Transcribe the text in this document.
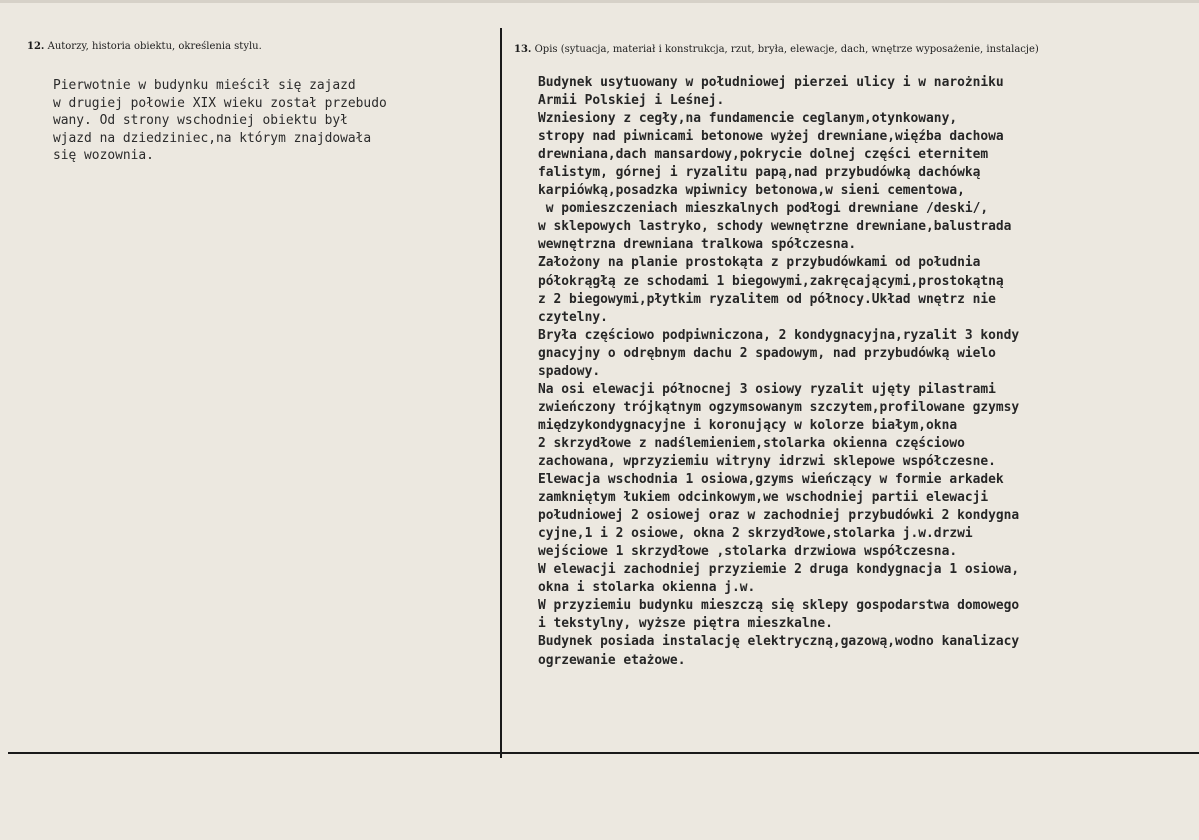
12. Autorzy, historia obiektu, określenia stylu.	13. Opis (sytuacja, materiał i konstrukcja, rzut, bryła, elewacje, dach, wnętrze wyposażenie, instalacje)
Pierwotnie w budynku mieścił się zajazd
w drugiej połowie XIX wieku został przebudo
wany. Od strony wschodniej obiektu był
wjazd na dziedziniec,na którym znajdowała
się wozownia.
Budynek usytuowany w południowej pierzei ulicy i w narożniku
Armii Polskiej i Leśnej.
Wzniesiony z cegły,na fundamencie ceglanym,otynkowany,
stropy nad piwnicami betonowe wyżej drewniane,więźba dachowa
drewniana,dach mansardowy,pokrycie dolnej części eternitem
falistym, górnej i ryzalitu papą,nad przybudówką dachówką
karpiówką,posadzka wpiwnicy betonowa,w sieni cementowa,
w pomieszczeniach mieszkalnych podłogi drewniane /deski/,
w sklepowych lastryko, schody wewnętrzne drewniane,balustrada
wewnętrzna drewniana tralkowa spółczesna.
Założony na planie prostokąta z przybudówkami od południa
półokrągłą ze schodami 1 biegowymi,zakręcającymi,prostokątną
z 2 biegowymi,płytkim ryzalitem od północy.Układ wnętrz nie
czytelny.
Bryła częściowo podpiwniczona, 2 kondygnacyjna,ryzalit 3 kondy
gnacyjny o odrębnym dachu 2 spadowym, nad przybudówką wielo
spadowy.
Na osi elewacji północnej 3 osiowy ryzalit ujęty pilastrami
zwieńczony trójkątnym ogzymsowanym szczytem,profilowane gzymsy
międzykondygnacyjne i koronujący w kolorze białym,okna
2 skrzydłowe z nadślemieniem,stolarka okienna częściowo
zachowana, wprzyziemiu witryny idrzwi sklepowe współczesne.
Elewacja wschodnia 1 osiowa,gzyms wieńczący w formie arkadek
zamkniętym łukiem odcinkowym,we wschodniej partii elewacji
południowej 2 osiowej oraz w zachodniej przybudówki 2 kondygna
cyjne,1 i 2 osiowe, okna 2 skrzydłowe,stolarka j.w.drzwi
wejściowe 1 skrzydłowe ,stolarka drzwiowa współczesna.
W elewacji zachodniej przyziemie 2 druga kondygnacja 1 osiowa,
okna i stolarka okienna j.w.
W przyziemiu budynku mieszczą się sklepy gospodarstwa domowego
i tekstylny, wyższe piętra mieszkalne.
Budynek posiada instalację elektryczną,gazową,wodno kanalizacy
ogrzewanie etażowe.
